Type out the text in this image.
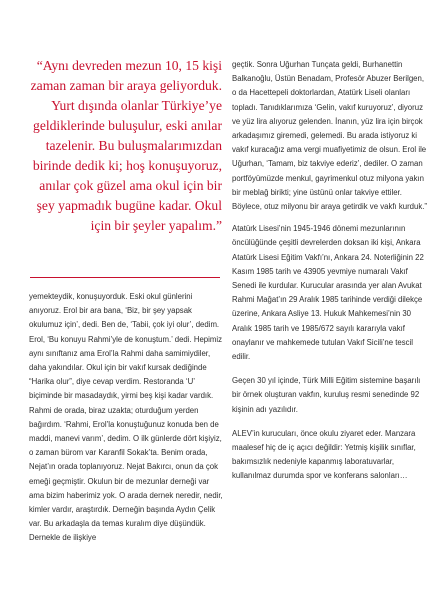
“Aynı devreden mezun 10, 15 kişi zaman zaman bir araya geliyorduk. Yurt dışında olanlar Türkiye’ye geldiklerinde buluşulur, eski anılar tazelenir. Bu buluşmalarımızdan birinde dedik ki; hoş konuşuyoruz, anılar çok güzel ama okul için bir şey yapmadık bugüne kadar. Okul için bir şeyler yapalım.”

yemekteydik, konuşuyorduk. Eski okul günlerini anıyoruz. Erol bir ara bana, ‘Biz, bir şey yapsak okulumuz için’, dedi. Ben de, ‘Tabii, çok iyi olur’, dedim. Erol, ‘Bu konuyu Rahmi’yle de konuştum.’ dedi. Hepimiz aynı sınıftanız ama Erol’la Rahmi daha samimiydiler, daha yakındılar. Okul için bir vakıf kursak dediğinde “Harika olur”, diye cevap verdim. Restoranda ‘U’ biçiminde bir masadaydık, yirmi beş kişi kadar vardık. Rahmi de orada, biraz uzakta; oturduğum yerden bağırdım. ‘Rahmi, Erol’la konuştuğunuz konuda ben de maddi, manevi varım’, dedim. O ilk günlerde dört kişiyiz, o zaman bürom var Karanfil Sokak’ta. Benim orada, Nejat’ın orada toplanıyoruz. Nejat Bakırcı, onun da çok emeği geçmiştir. Okulun bir de mezunlar derneği var ama bizim haberimiz yok. O arada dernek neredir, nedir, kimler vardır, araştırdık. Derneğin başında Aydın Çelik var. Bu arkadaşla da temas kuralım diye düşündük. Dernekle de ilişkiye

geçtik. Sonra Uğurhan Tunçata geldi, Burhanettin Balkanoğlu, Üstün Benadam, Profesör Abuzer Berilgen, o da Hacettepeli doktorlardan, Atatürk Liseli olanları topladı. Tanıdıklarımıza ‘Gelin, vakıf kuruyoruz’, diyoruz ve yüz lira alıyoruz gelenden. İnanın, yüz lira için birçok arkadaşımız giremedi, gelemedi. Bu arada istiyoruz ki vakıf kuracağız ama vergi muafiyetimiz de olsun. Erol ile Uğurhan, ‘Tamam, biz takviye ederiz’, dediler. O zaman portföyümüzde menkul, gayrimenkul otuz milyona yakın bir meblağ birikti; yine üstünü onlar takviye ettiler. Böylece, otuz milyonu bir araya getirdik ve vakfı kurduk.”

Atatürk Lisesi’nin 1945-1946 dönemi mezunlarının öncülüğünde çeşitli devrelerden doksan iki kişi, Ankara Atatürk Lisesi Eğitim Vakfı’nı, Ankara 24. Noterliğinin 22 Kasım 1985 tarih ve 43905 yevmiye numaralı Vakıf Senedi ile kurdular. Kurucular arasında yer alan Avukat Rahmi Mağat’ın 29 Aralık 1985 tarihinde verdiği dilekçe üzerine, Ankara Asliye 13. Hukuk Mahkemesi’nin 30 Aralık 1985 tarih ve 1985/672 sayılı kararıyla vakıf onaylanır ve mahkemede tutulan Vakıf Sicili’ne tescil edilir.

Geçen 30 yıl içinde, Türk Milli Eğitim sistemine başarılı bir örnek oluşturan vakfın, kuruluş resmi senedinde 92 kişinin adı yazılıdır.

ALEV’in kurucuları, önce okulu ziyaret eder. Manzara maalesef hiç de iç açıcı değildir: Yetmiş kişilik sınıflar, bakımsızlık nedeniyle kapanmış laboratuvarlar, kullanılmaz durumda spor ve konferans salonları…
